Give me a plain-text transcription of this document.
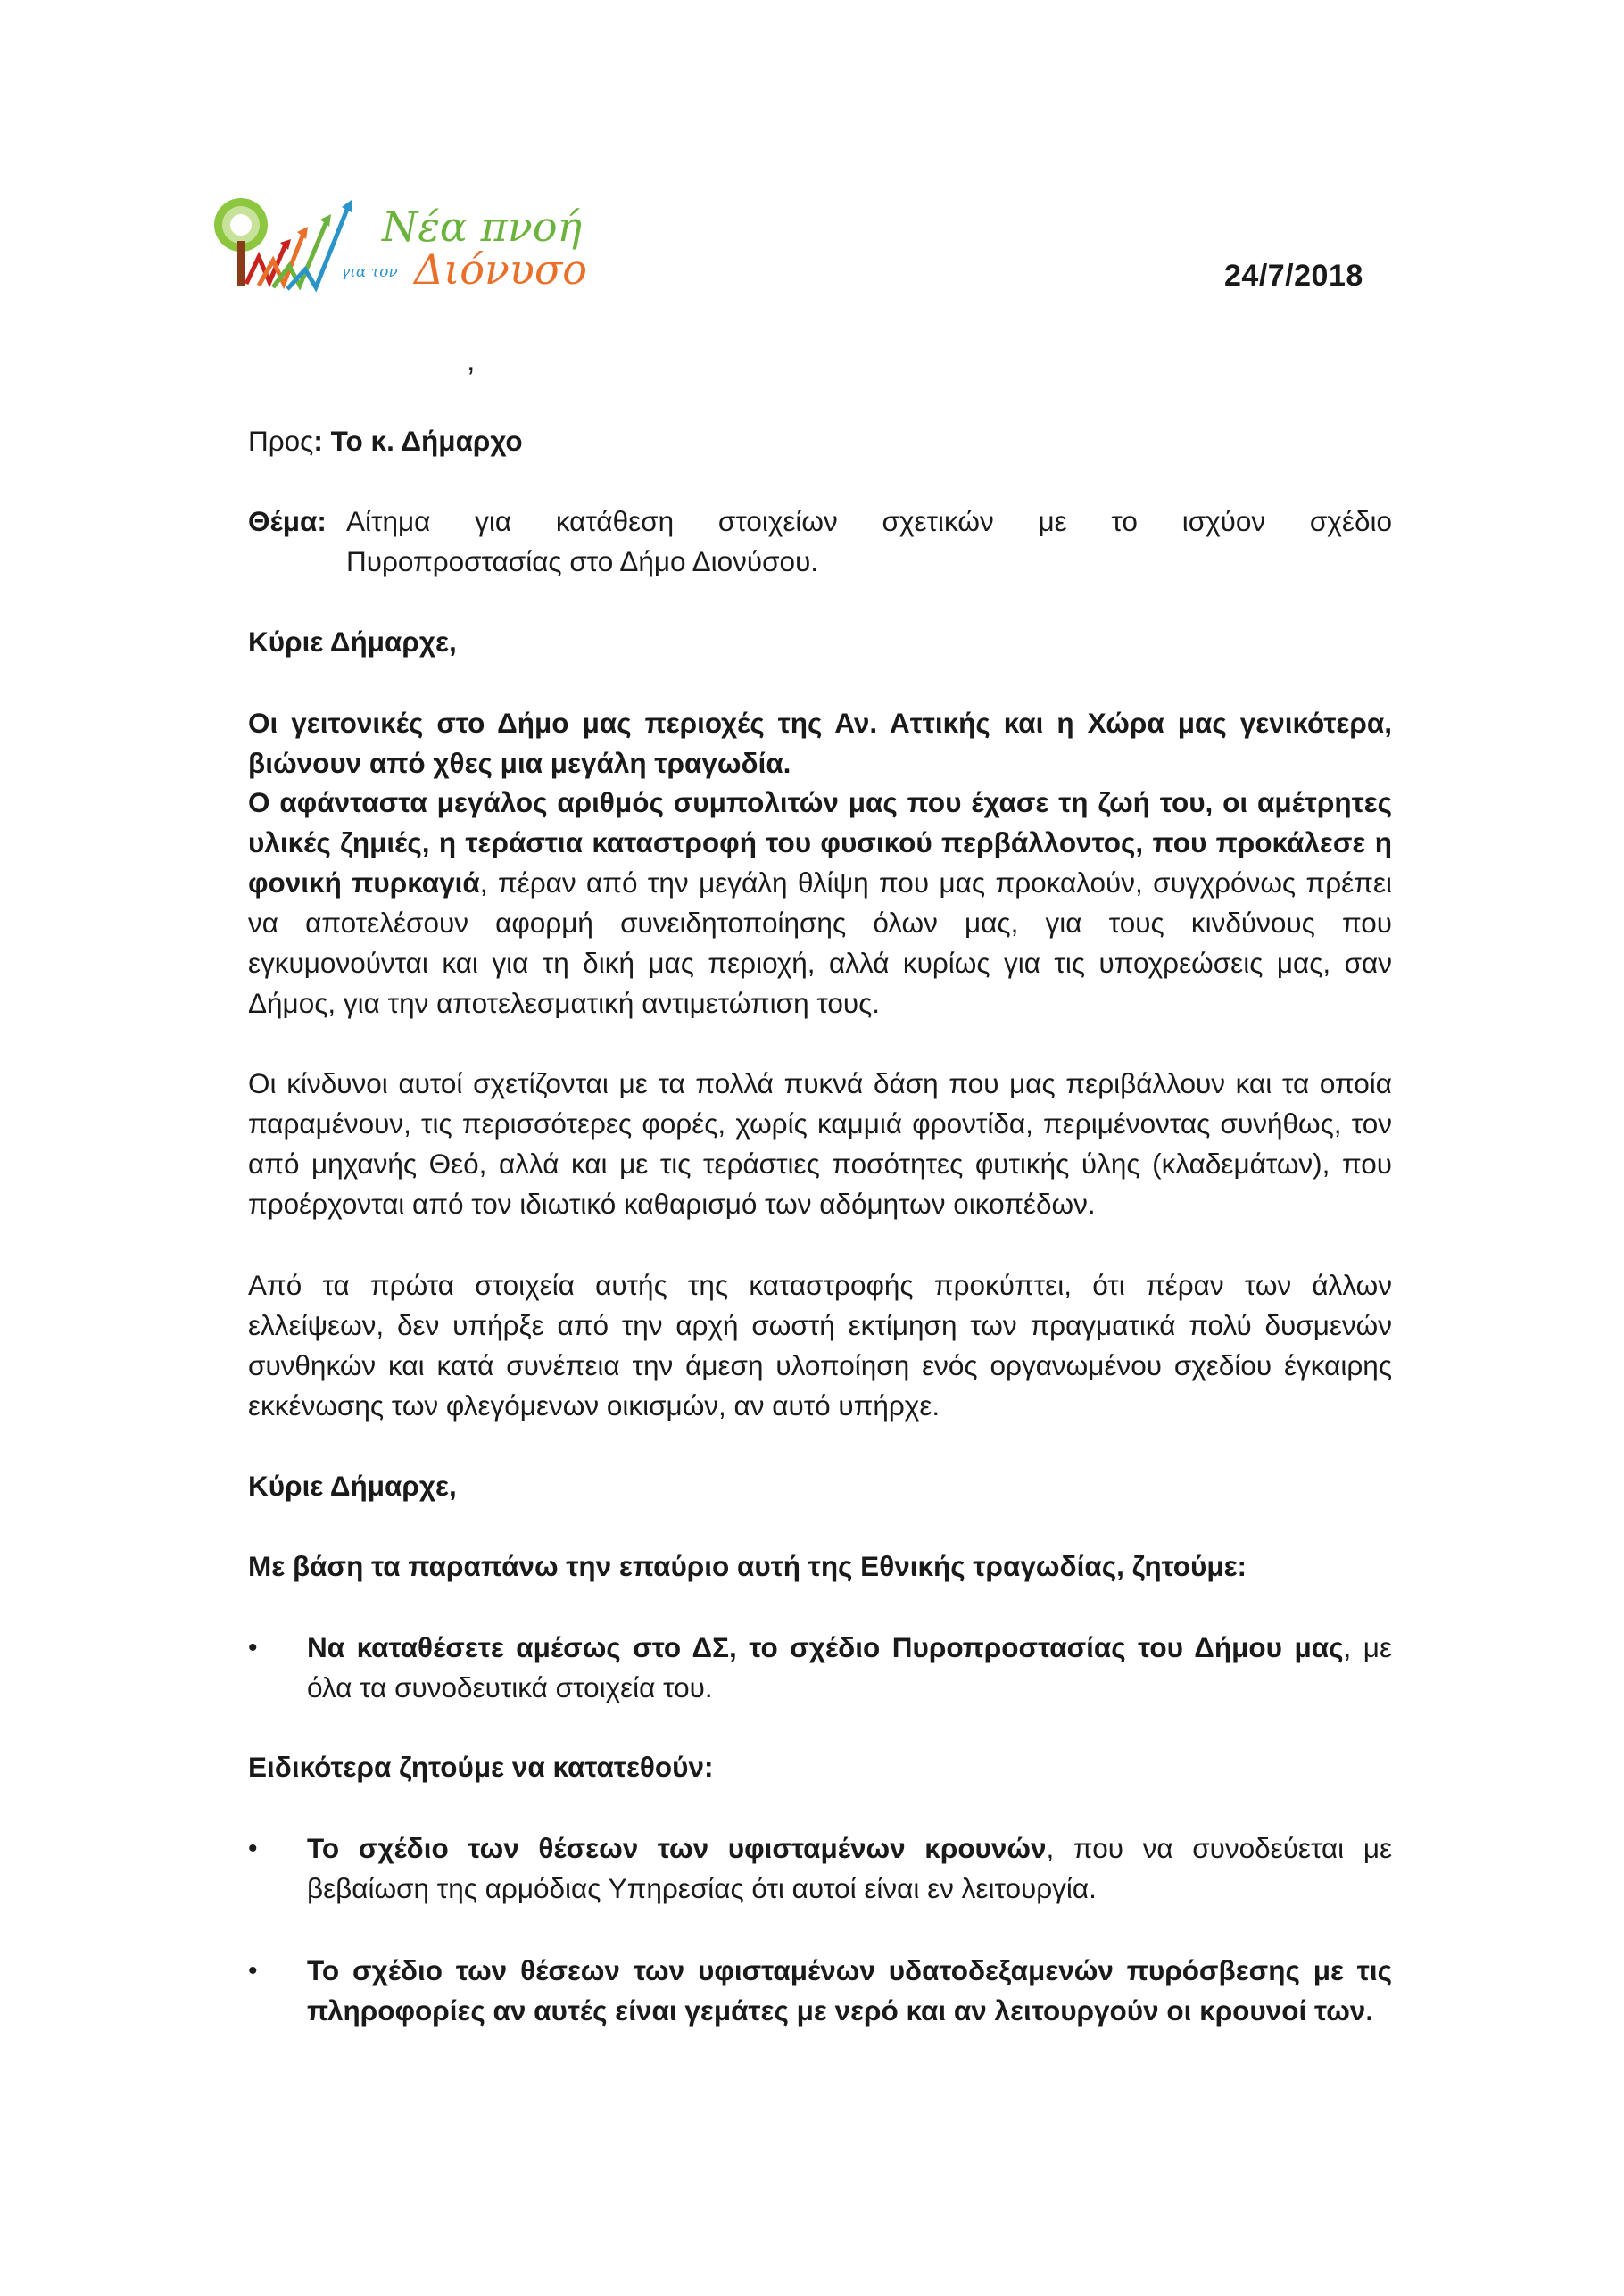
Νέα πνοή
για τον Διόνυσο	24/7/2018
,
Προς: Το κ. Δήμαρχο
Θέμα: Αίτημα για κατάθεση στοιχείων σχετικών με το ισχύον σχέδιο
Πυροπροστασίας στο Δήμο Διονύσου.
Κύριε Δήμαρχε,
Οι γειτονικές στο Δήμο μας περιοχές της Αν. Αττικής και η Χώρα μας γενικότερα, βιώνουν από χθες μια μεγάλη τραγωδία.
Ο αφάνταστα μεγάλος αριθμός συμπολιτών μας που έχασε τη ζωή του, οι αμέτρητες υλικές ζημιές, η τεράστια καταστροφή του φυσικού περβάλλοντος, που προκάλεσε η φονική πυρκαγιά, πέραν από την μεγάλη θλίψη που μας προκαλούν, συγχρόνως πρέπει να αποτελέσουν αφορμή συνειδητοποίησης όλων μας, για τους κινδύνους που εγκυμονούνται και για τη δική μας περιοχή, αλλά κυρίως για τις υποχρεώσεις μας, σαν Δήμος, για την αποτελεσματική αντιμετώπιση τους.
Οι κίνδυνοι αυτοί σχετίζονται με τα πολλά πυκνά δάση που μας περιβάλλουν και τα οποία παραμένουν, τις περισσότερες φορές, χωρίς καμμιά φροντίδα, περιμένοντας συνήθως, τον από μηχανής Θεό, αλλά και με τις τεράστιες ποσότητες φυτικής ύλης (κλαδεμάτων), που προέρχονται από τον ιδιωτικό καθαρισμό των αδόμητων οικοπέδων.
Από τα πρώτα στοιχεία αυτής της καταστροφής προκύπτει, ότι πέραν των άλλων ελλείψεων, δεν υπήρξε από την αρχή σωστή εκτίμηση των πραγματικά πολύ δυσμενών συνθηκών και κατά συνέπεια την άμεση υλοποίηση ενός οργανωμένου σχεδίου έγκαιρης εκκένωσης των φλεγόμενων οικισμών, αν αυτό υπήρχε.
Κύριε Δήμαρχε,
Με βάση τα παραπάνω την επαύριο αυτή της Εθνικής τραγωδίας, ζητούμε:
•	Να καταθέσετε αμέσως στο ΔΣ, το σχέδιο Πυροπροστασίας του Δήμου μας, με όλα τα συνοδευτικά στοιχεία του.
Ειδικότερα ζητούμε να κατατεθούν:
•	Το σχέδιο των θέσεων των υφισταμένων κρουνών, που να συνοδεύεται με βεβαίωση της αρμόδιας Υπηρεσίας ότι αυτοί είναι εν λειτουργία.
•	Το σχέδιο των θέσεων των υφισταμένων υδατοδεξαμενών πυρόσβεσης με τις πληροφορίες αν αυτές είναι γεμάτες με νερό και αν λειτουργούν οι κρουνοί των.
